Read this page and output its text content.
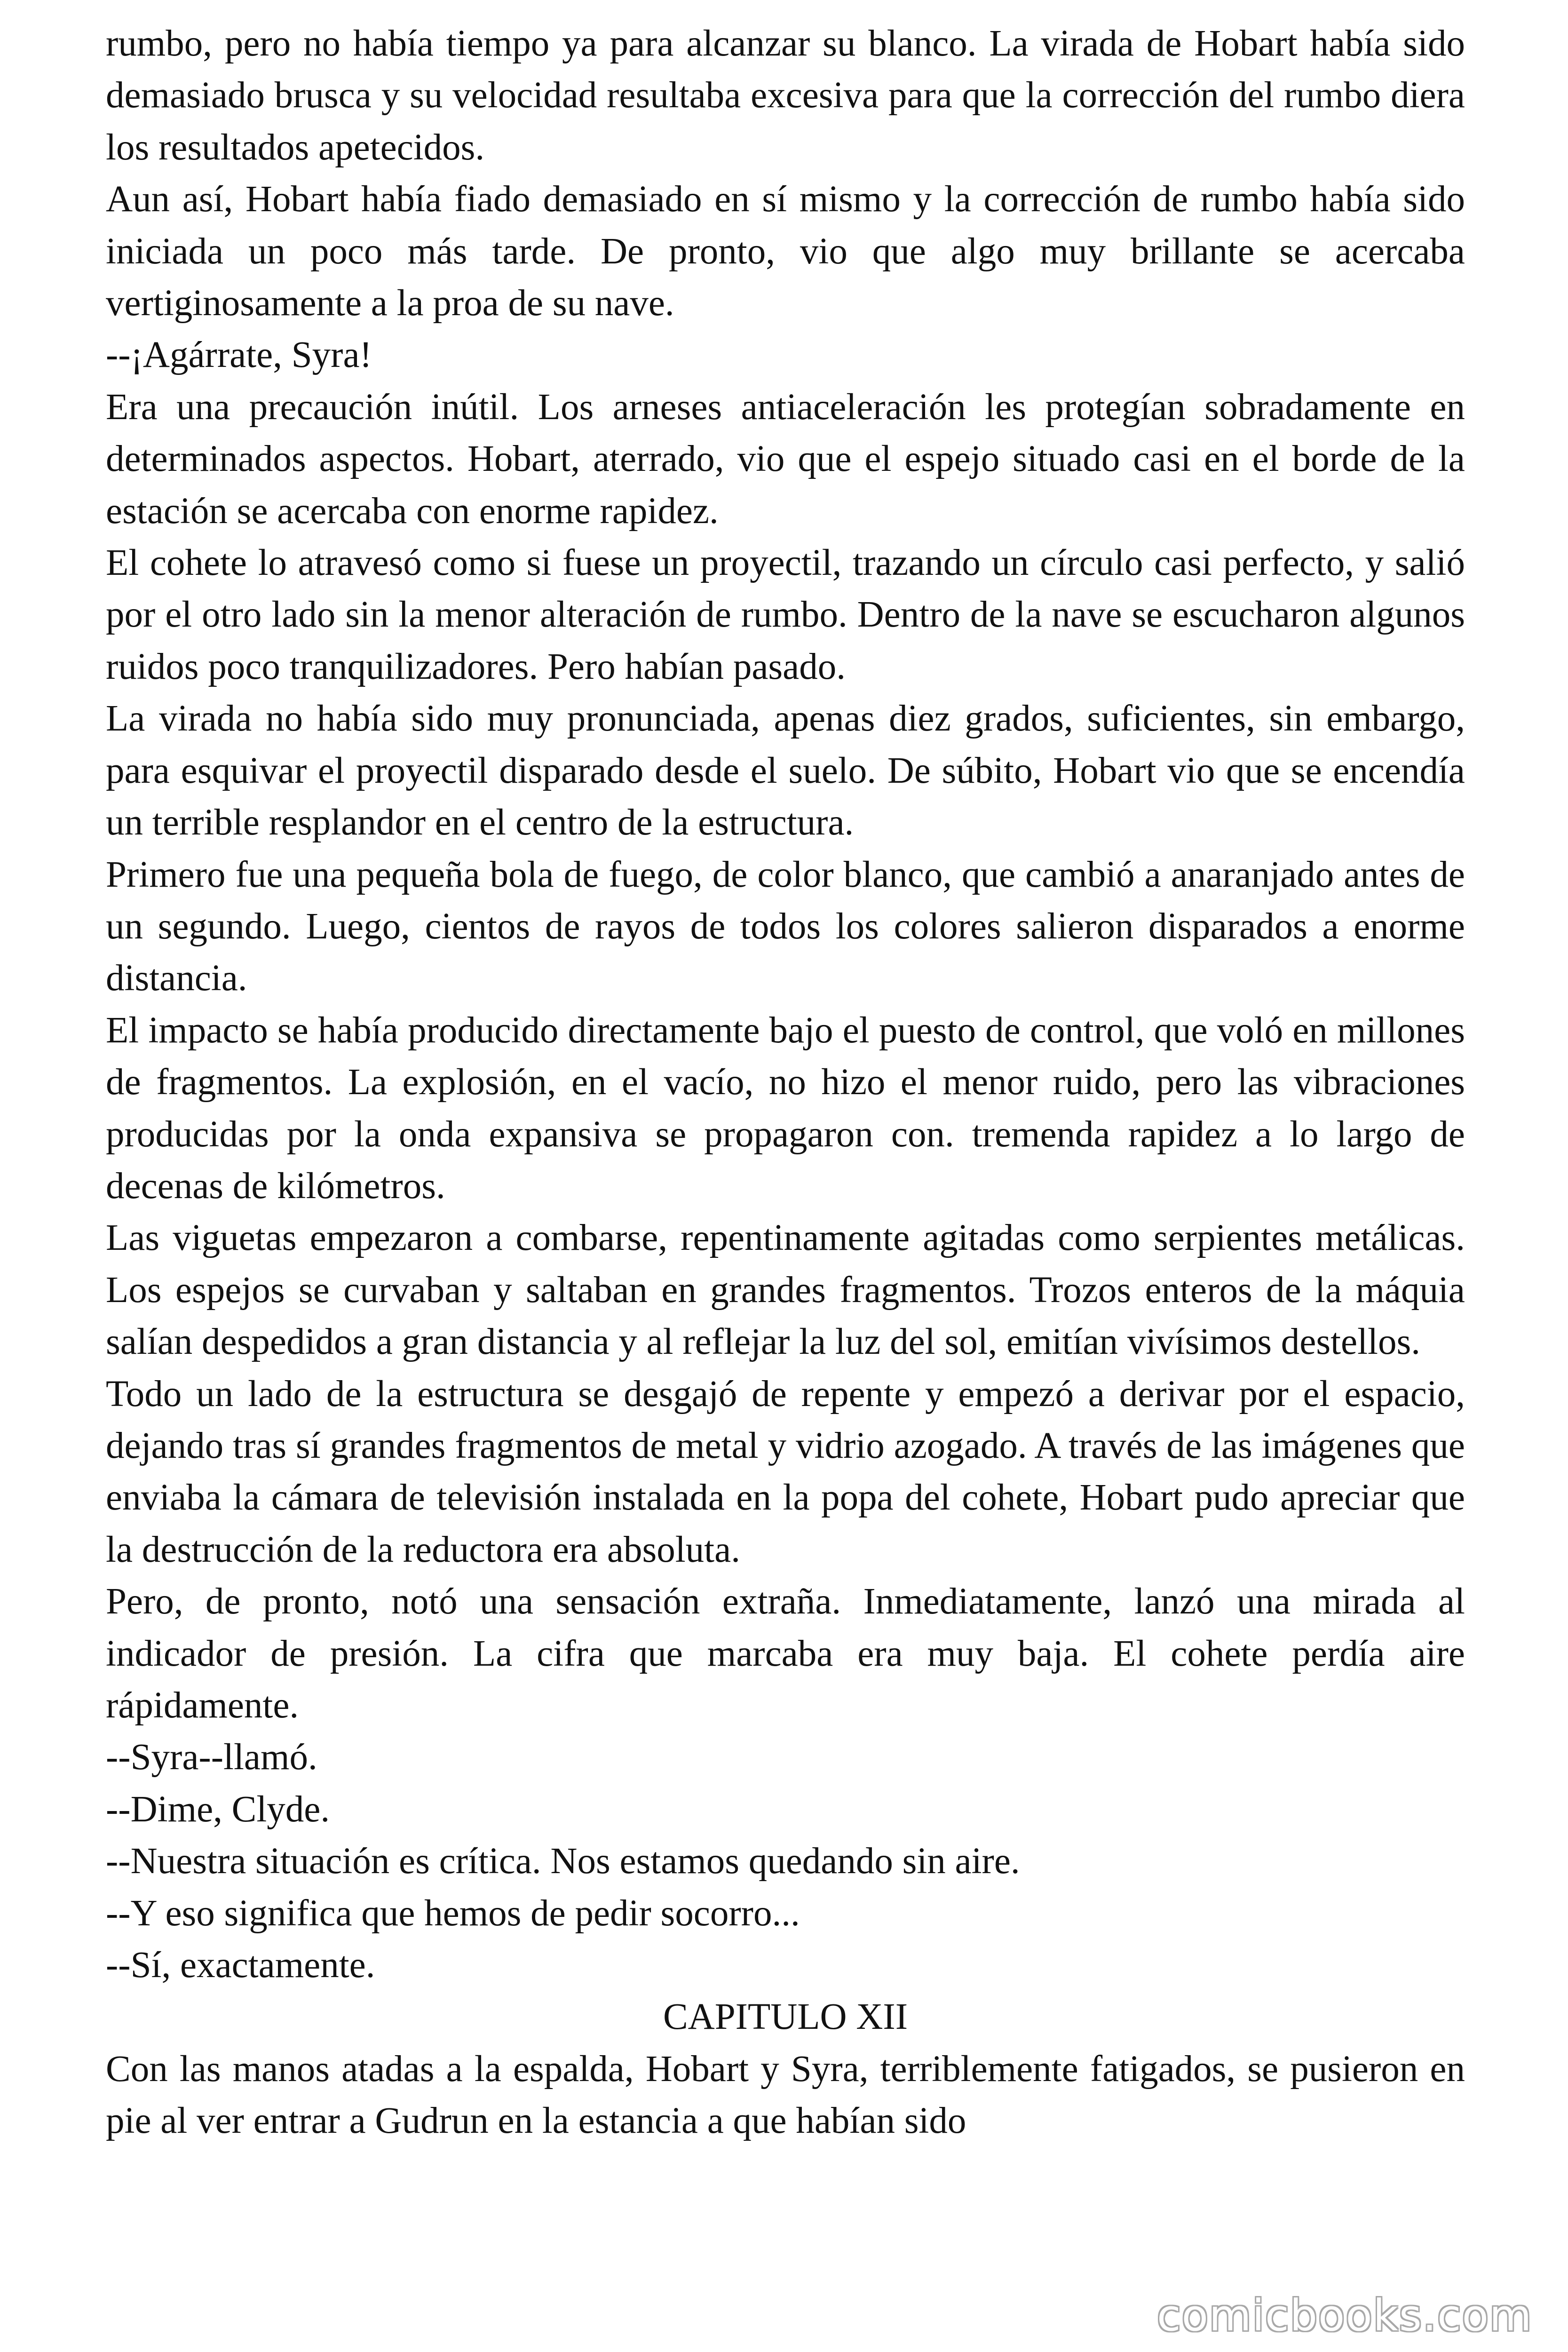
rumbo, pero no había tiempo ya para alcanzar su blanco. La virada de Hobart había sido demasiado brusca y su velocidad resultaba excesiva para que la corrección del rumbo diera los resultados apetecidos.

Aun así, Hobart había fiado demasiado en sí mismo y la corrección de rumbo había sido iniciada un poco más tarde. De pronto, vio que algo muy brillante se acercaba vertiginosamente a la proa de su nave.

--¡Agárrate, Syra!

Era una precaución inútil. Los arneses antiaceleración les protegían sobradamente en determinados aspectos. Hobart, aterrado, vio que el espejo situado casi en el borde de la estación se acercaba con enorme rapidez.

El cohete lo atravesó como si fuese un proyectil, trazando un círculo casi perfecto, y salió por el otro lado sin la menor alteración de rumbo. Dentro de la nave se escucharon algunos ruidos poco tranquilizadores. Pero habían pasado.

La virada no había sido muy pronunciada, apenas diez grados, suficientes, sin embargo, para esquivar el proyectil disparado desde el suelo. De súbito, Hobart vio que se encendía un terrible resplandor en el centro de la estructura.

Primero fue una pequeña bola de fuego, de color blanco, que cambió a anaranjado antes de un segundo. Luego, cientos de rayos de todos los colores salieron disparados a enorme distancia.

El impacto se había producido directamente bajo el puesto de control, que voló en millones de fragmentos. La explosión, en el vacío, no hizo el menor ruido, pero las vibraciones producidas por la onda expansiva se propagaron con. tremenda rapidez a lo largo de decenas de kilómetros.

Las viguetas empezaron a combarse, repentinamente agitadas como serpientes metálicas. Los espejos se curvaban y saltaban en grandes fragmentos. Trozos enteros de la máquia salían despedidos a gran distancia y al reflejar la luz del sol, emitían vivísimos destellos.

Todo un lado de la estructura se desgajó de repente y empezó a derivar por el espacio, dejando tras sí grandes fragmentos de metal y vidrio azogado. A través de las imágenes que enviaba la cámara de televisión instalada en la popa del cohete, Hobart pudo apreciar que la destrucción de la reductora era absoluta.

Pero, de pronto, notó una sensación extraña. Inmediatamente, lanzó una mirada al indicador de presión. La cifra que marcaba era muy baja. El cohete perdía aire rápidamente.

--Syra--llamó.

--Dime, Clyde.

--Nuestra situación es crítica. Nos estamos quedando sin aire.

--Y eso significa que hemos de pedir socorro...

--Sí, exactamente.

CAPITULO XII

Con las manos atadas a la espalda, Hobart y Syra, terriblemente fatigados, se pusieron en pie al ver entrar a Gudrun en la estancia a que habían sido

comicbooks.com
